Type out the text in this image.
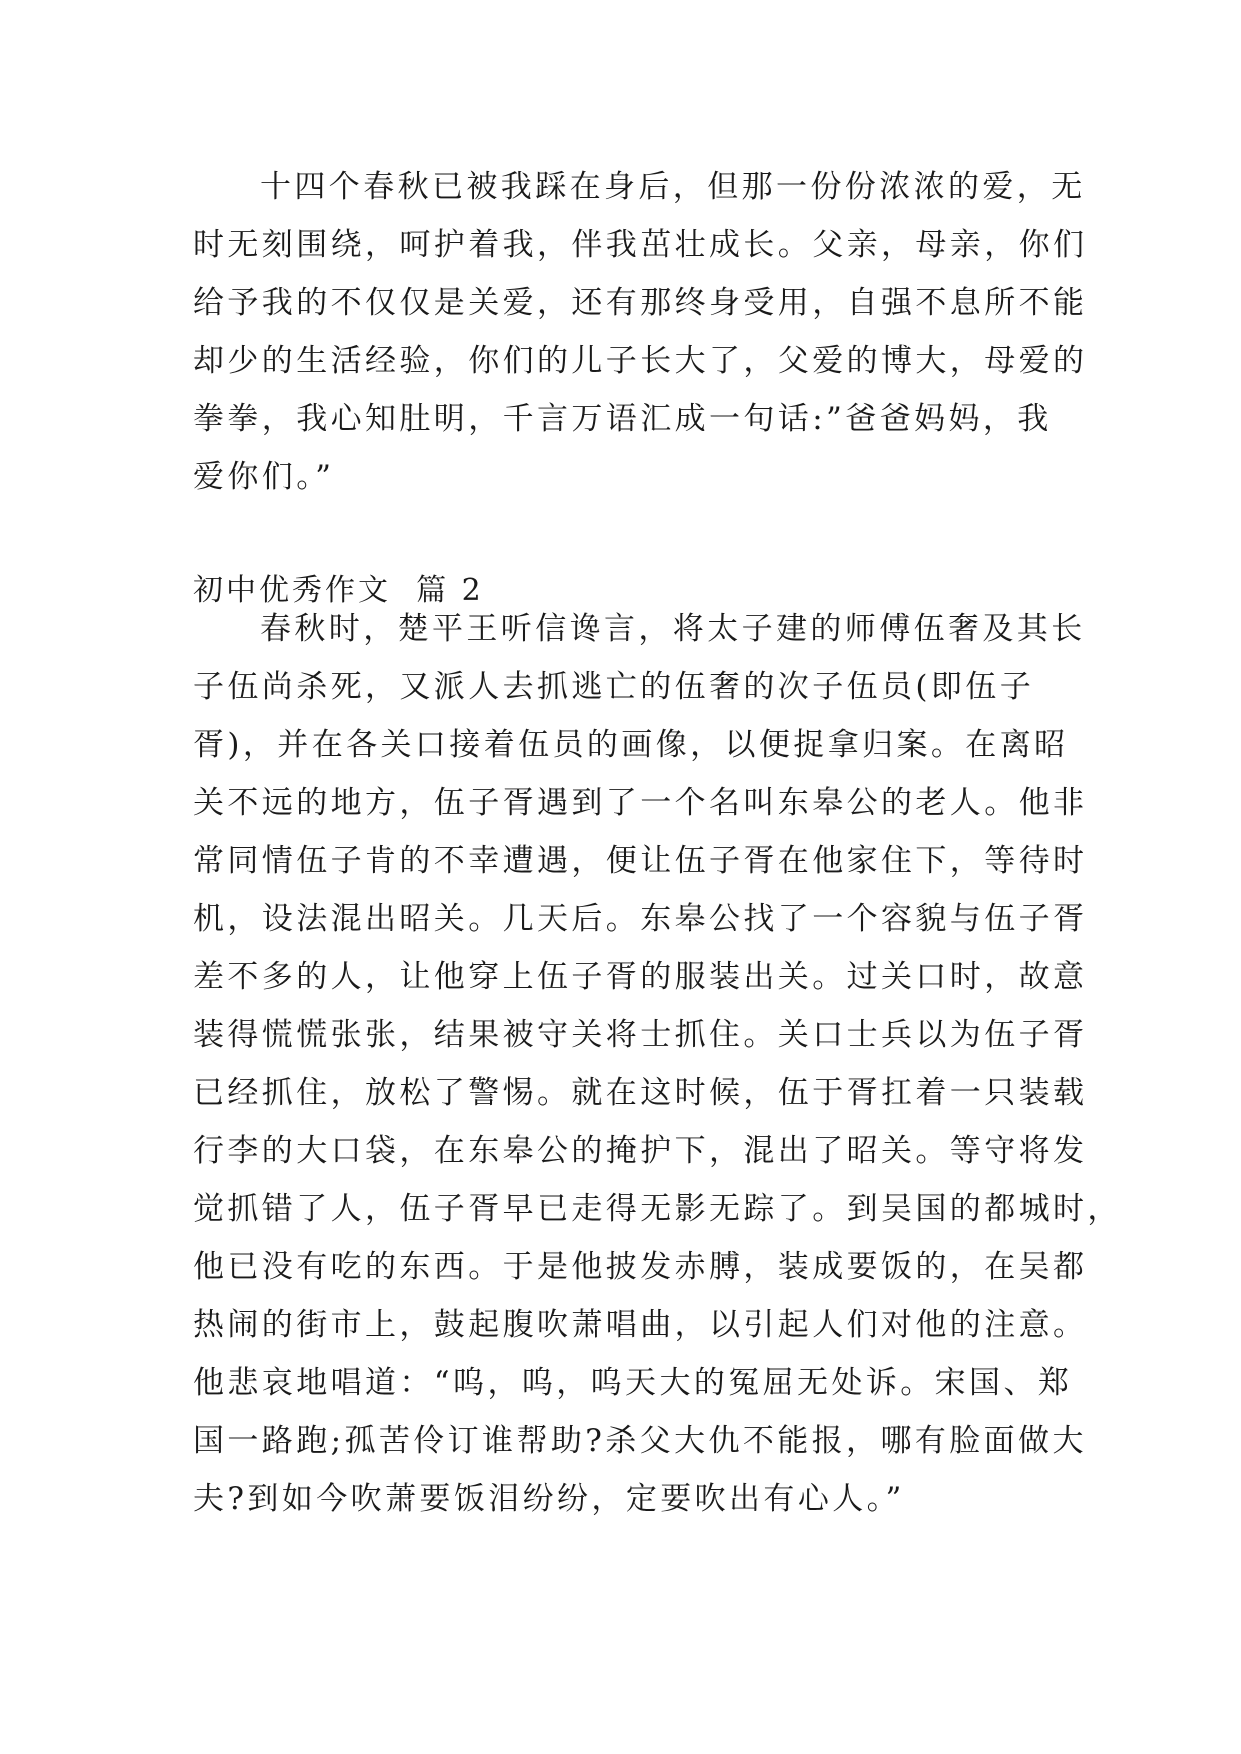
十四个春秋已被我踩在身后，但那一份份浓浓的爱，无
时无刻围绕，呵护着我，伴我茁壮成长。父亲，母亲，你们
给予我的不仅仅是关爱，还有那终身受用，自强不息所不能
却少的生活经验，你们的儿子长大了，父爱的博大，母爱的
拳拳，我心知肚明，千言万语汇成一句话:”爸爸妈妈，我
爱你们。”
初中优秀作文  篇 2
春秋时，楚平王听信谗言，将太子建的师傅伍奢及其长
子伍尚杀死，又派人去抓逃亡的伍奢的次子伍员(即伍子
胥)，并在各关口接着伍员的画像，以便捉拿归案。在离昭
关不远的地方，伍子胥遇到了一个名叫东皋公的老人。他非
常同情伍子肯的不幸遭遇，便让伍子胥在他家住下，等待时
机，设法混出昭关。几天后。东皋公找了一个容貌与伍子胥
差不多的人，让他穿上伍子胥的服装出关。过关口时，故意
装得慌慌张张，结果被守关将士抓住。关口士兵以为伍子胥
已经抓住，放松了警惕。就在这时候，伍于胥扛着一只装载
行李的大口袋，在东皋公的掩护下，混出了昭关。等守将发
觉抓错了人，伍子胥早已走得无影无踪了。到吴国的都城时，
他已没有吃的东西。于是他披发赤膊，装成要饭的，在吴都
热闹的街市上，鼓起腹吹萧唱曲，以引起人们对他的注意。
他悲哀地唱道：“呜，呜，呜天大的冤屈无处诉。宋国、郑
国一路跑;孤苦伶订谁帮助?杀父大仇不能报，哪有脸面做大
夫?到如今吹萧要饭泪纷纷，定要吹出有心人。”
